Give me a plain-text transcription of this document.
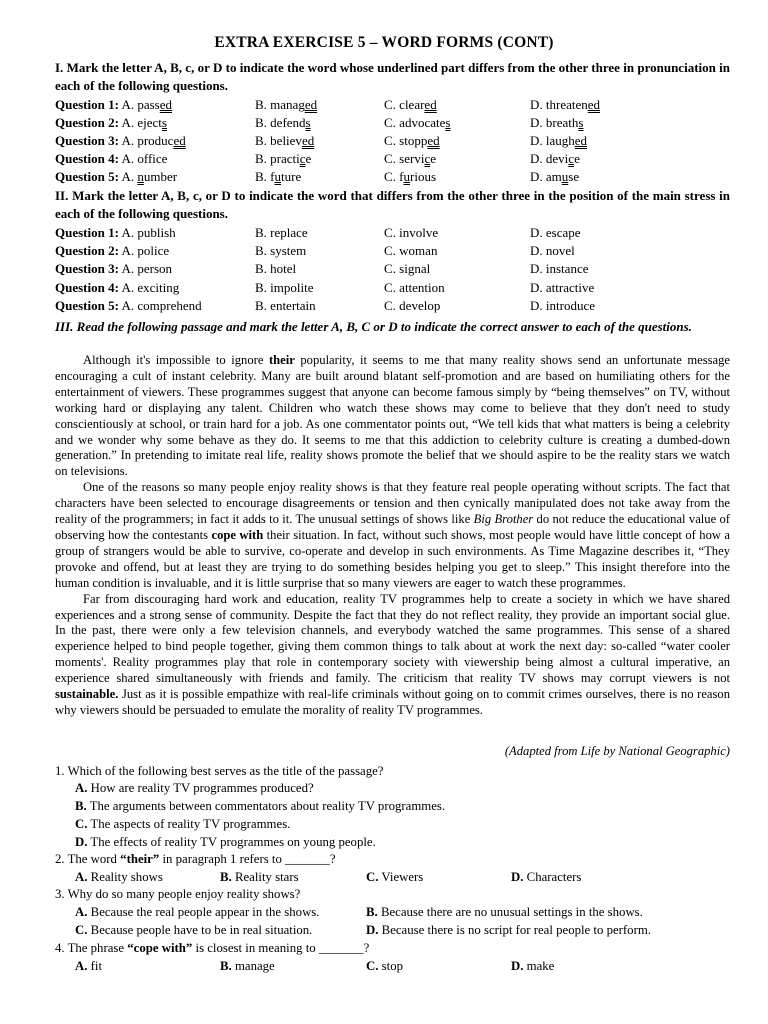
EXTRA EXERCISE 5 – WORD FORMS (CONT)
I. Mark the letter A, B, c, or D to indicate the word whose underlined part differs from the other three in pronunciation in each of the following questions.
Question 1: A. passed	B. managed	C. cleared	D. threatened
Question 2: A. ejects	B. defends	C. advocates	D. breaths
Question 3: A. produced	B. believed	C. stopped	D. laughed
Question 4: A. office	B. practice	C. service	D. device
Question 5: A. number	B. future	C. furious	D. amuse
II. Mark the letter A, B, c, or D to indicate the word that differs from the other three in the position of the main stress in each of the following questions.
Question 1: A. publish	B. replace	C. involve	D. escape
Question 2: A. police	B. system	C. woman	D. novel
Question 3: A. person	B. hotel	C. signal	D. instance
Question 4: A. exciting	B. impolite	C. attention	D. attractive
Question 5: A. comprehend	B. entertain	C. develop	D. introduce
III. Read the following passage and mark the letter A, B, C or D to indicate the correct answer to each of the questions.

Although it's impossible to ignore their popularity, it seems to me that many reality shows send an unfortunate message encouraging a cult of instant celebrity. Many are built around blatant self-promotion and are based on humiliating others for the entertainment of viewers. These programmes suggest that anyone can become famous simply by “being themselves” on TV, without working hard or displaying any talent. Children who watch these shows may come to believe that they don't need to study conscientiously at school, or train hard for a job. As one commentator points out, “We tell kids that what matters is being a celebrity and we wonder why some behave as they do. It seems to me that this addiction to celebrity culture is creating a dumbed-down generation.” In pretending to imitate real life, reality shows promote the belief that we should aspire to be the reality stars we watch on televisions.

One of the reasons so many people enjoy reality shows is that they feature real people operating without scripts. The fact that characters have been selected to encourage disagreements or tension and then cynically manipulated does not take away from the reality of the programmers; in fact it adds to it. The unusual settings of shows like Big Brother do not reduce the educational value of observing how the contestants cope with their situation. In fact, without such shows, most people would have little concept of how a group of strangers would be able to survive, co-operate and develop in such environments. As Time Magazine describes it, “They provoke and offend, but at least they are trying to do something besides helping you get to sleep.” This insight therefore into the human condition is invaluable, and it is little surprise that so many viewers are eager to watch these programmes.

Far from discouraging hard work and education, reality TV programmes help to create a society in which we have shared experiences and a strong sense of community. Despite the fact that they do not reflect reality, they provide an important social glue. In the past, there were only a few television channels, and everybody watched the same programmes. This sense of a shared experience helped to bind people together, giving them common things to talk about at work the next day: so-called “water cooler moments'. Reality programmes play that role in contemporary society with viewership being almost a cultural imperative, an experience shared simultaneously with friends and family. The criticism that reality TV shows may corrupt viewers is not sustainable. Just as it is possible empathize with real-life criminals without going on to commit crimes ourselves, there is no reason why viewers should be persuaded to emulate the morality of reality TV programmes.

(Adapted from Life by National Geographic)
1. Which of the following best serves as the title of the passage?
A. How are reality TV programmes produced?
B. The arguments between commentators about reality TV programmes.
C. The aspects of reality TV programmes.
D. The effects of reality TV programmes on young people.
2. The word “their” in paragraph 1 refers to _______?
A. Reality shows	B. Reality stars	C. Viewers	D. Characters
3. Why do so many people enjoy reality shows?
A. Because the real people appear in the shows.	B. Because there are no unusual settings in the shows.
C. Because people have to be in real situation.	D. Because there is no script for real people to perform.
4. The phrase “cope with” is closest in meaning to _______?
A. fit	B. manage	C. stop	D. make
